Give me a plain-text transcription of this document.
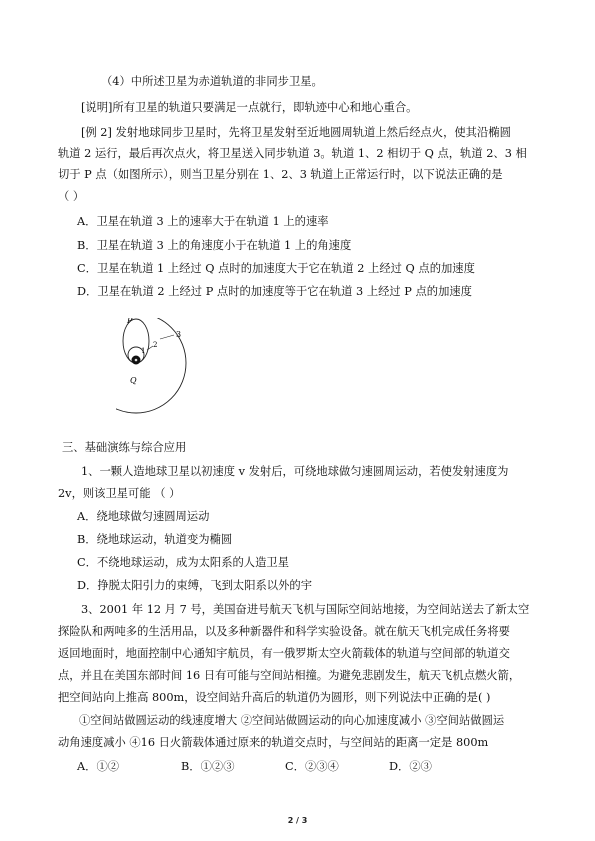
（4）中所述卫星为赤道轨道的非同步卫星。
[说明]所有卫星的轨道只要满足一点就行，即轨迹中心和地心重合。
[例 2] 发射地球同步卫星时，先将卫星发射至近地圆周轨道上然后经点火，使其沿椭圆
轨道 2 运行，最后再次点火，将卫星送入同步轨道 3。轨道 1、2 相切于 Q 点，轨道 2、3 相
切于 P 点（如图所示），则当卫星分别在 1、2、3 轨道上正常运行时，以下说法正确的是
（ ）
A．卫星在轨道 3 上的速率大于在轨道 1 上的速率
B．卫星在轨道 3 上的角速度小于在轨道 1 上的角速度
C．卫星在轨道 1 上经过 Q 点时的加速度大于它在轨道 2 上经过 Q 点的加速度
D．卫星在轨道 2 上经过 P 点时的加速度等于它在轨道 3 上经过 P 点的加速度
P
Q
1
2
3
三、基础演练与综合应用
1、一颗人造地球卫星以初速度 v 发射后，可绕地球做匀速圆周运动，若使发射速度为
2v，则该卫星可能 （ ）
A．绕地球做匀速圆周运动
B．绕地球运动，轨道变为椭圆
C．不绕地球运动，成为太阳系的人造卫星
D．挣脱太阳引力的束缚，飞到太阳系以外的宇
3、2001 年 12 月 7 号，美国奋进号航天飞机与国际空间站地接，为空间站送去了新太空
探险队和两吨多的生活用品，以及多种新器件和科学实验设备。就在航天飞机完成任务将要
返回地面时，地面控制中心通知宇航员，有一俄罗斯太空火箭载体的轨道与空间部的轨道交
点，并且在美国东部时间 16 日有可能与空间站相撞。为避免悲剧发生，航天飞机点燃火箭，
把空间站向上推高 800m，设空间站升高后的轨道仍为圆形，则下列说法中正确的是( )
①空间站做圆运动的线速度增大 ②空间站做圆运动的向心加速度减小 ③空间站做圆运
动角速度减小 ④16 日火箭载体通过原来的轨道交点时，与空间站的距离一定是 800m
A．①②	B．①②③	C．②③④	D．②③
2 / 3
